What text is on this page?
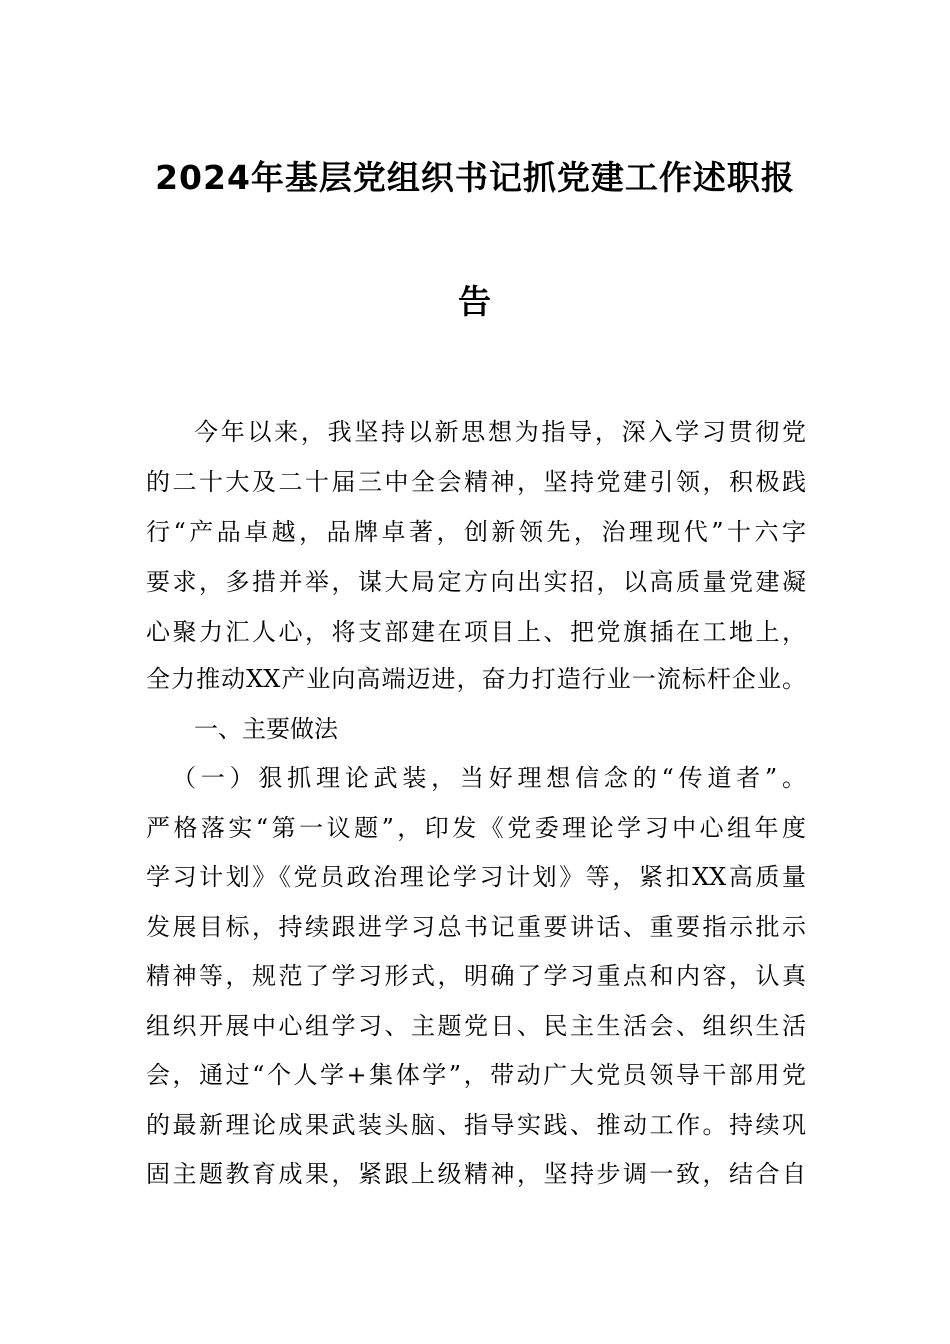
2024年基层党组织书记抓党建工作述职报
告
今年以来，我坚持以新思想为指导，深入学习贯彻党
的二十大及二十届三中全会精神，坚持党建引领，积极践
行“产品卓越，品牌卓著，创新领先，治理现代”十六字
要求，多措并举，谋大局定方向出实招，以高质量党建凝
心聚力汇人心，将支部建在项目上、把党旗插在工地上，
全力推动XX产业向高端迈进，奋力打造行业一流标杆企业。
一、主要做法
（一）狠抓理论武装，当好理想信念的“传道者”。
严格落实“第一议题”，印发《党委理论学习中心组年度
学习计划》《党员政治理论学习计划》等，紧扣XX高质量
发展目标，持续跟进学习总书记重要讲话、重要指示批示
精神等，规范了学习形式，明确了学习重点和内容，认真
组织开展中心组学习、主题党日、民主生活会、组织生活
会，通过“个人学+集体学”，带动广大党员领导干部用党
的最新理论成果武装头脑、指导实践、推动工作。持续巩
固主题教育成果，紧跟上级精神，坚持步调一致，结合自
